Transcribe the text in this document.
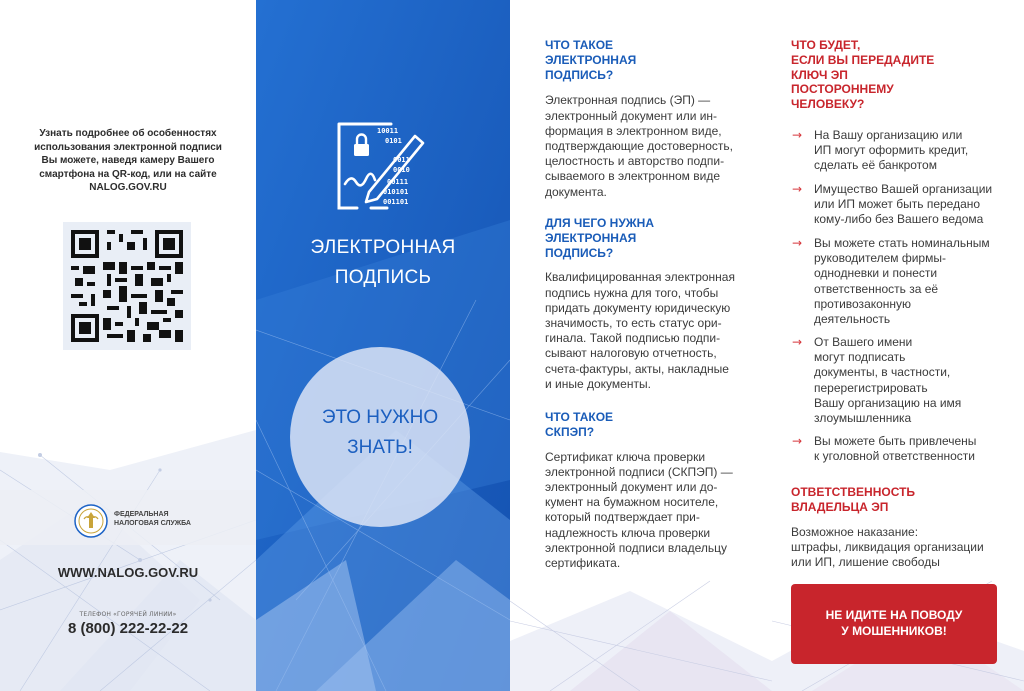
Узнать подробнее об особенностях
использования электронной подписи
Вы можете, наведя камеру Вашего
смартфона на QR-код, или на сайте
NALOG.GOV.RU
ФЕДЕРАЛЬНАЯ
НАЛОГОВАЯ СЛУЖБА
WWW.NALOG.GOV.RU
ТЕЛЕФОН «ГОРЯЧЕЙ ЛИНИИ»
8 (800) 222-22-22
10011
0101
0011
0010
00111
010101
001101
ЭЛЕКТРОННАЯ
ПОДПИСЬ
ЭТО НУЖНО
ЗНАТЬ!
ЧТО ТАКОЕ
ЭЛЕКТРОННАЯ
ПОДПИСЬ?
Электронная подпись (ЭП) —
электронный документ или ин-
формация в электронном виде,
подтверждающие достоверность,
целостность и авторство подпи-
сываемого в электронном виде
документа.
ДЛЯ ЧЕГО НУЖНА
ЭЛЕКТРОННАЯ
ПОДПИСЬ?
Квалифицированная электронная
подпись нужна для того, чтобы
придать документу юридическую
значимость, то есть статус ори-
гинала. Такой подписью подпи-
сывают налоговую отчетность,
счета-фактуры, акты, накладные
и иные документы.
ЧТО ТАКОЕ
СКПЭП?
Сертификат ключа проверки
электронной подписи (СКПЭП) —
электронный документ или до-
кумент на бумажном носителе,
который подтверждает при-
надлежность ключа проверки
электронной подписи владельцу
сертификата.
ЧТО БУДЕТ,
ЕСЛИ ВЫ ПЕРЕДАДИТЕ
КЛЮЧ ЭП
ПОСТОРОННЕМУ
ЧЕЛОВЕКУ?
→ На Вашу организацию или
ИП могут оформить кредит,
сделать её банкротом
→ Имущество Вашей организации
или ИП может быть передано
кому-либо без Вашего ведома
→ Вы можете стать номинальным
руководителем фирмы-
однодневки и понести
ответственность за её
противозаконную
деятельность
→ От Вашего имени
могут подписать
документы, в частности,
перерегистрировать
Вашу организацию на имя
злоумышленника
→ Вы можете быть привлечены
к уголовной ответственности
ОТВЕТСТВЕННОСТЬ
ВЛАДЕЛЬЦА ЭП
Возможное наказание:
штрафы, ликвидация организации
или ИП, лишение свободы
НЕ ИДИТЕ НА ПОВОДУ
У МОШЕННИКОВ!
